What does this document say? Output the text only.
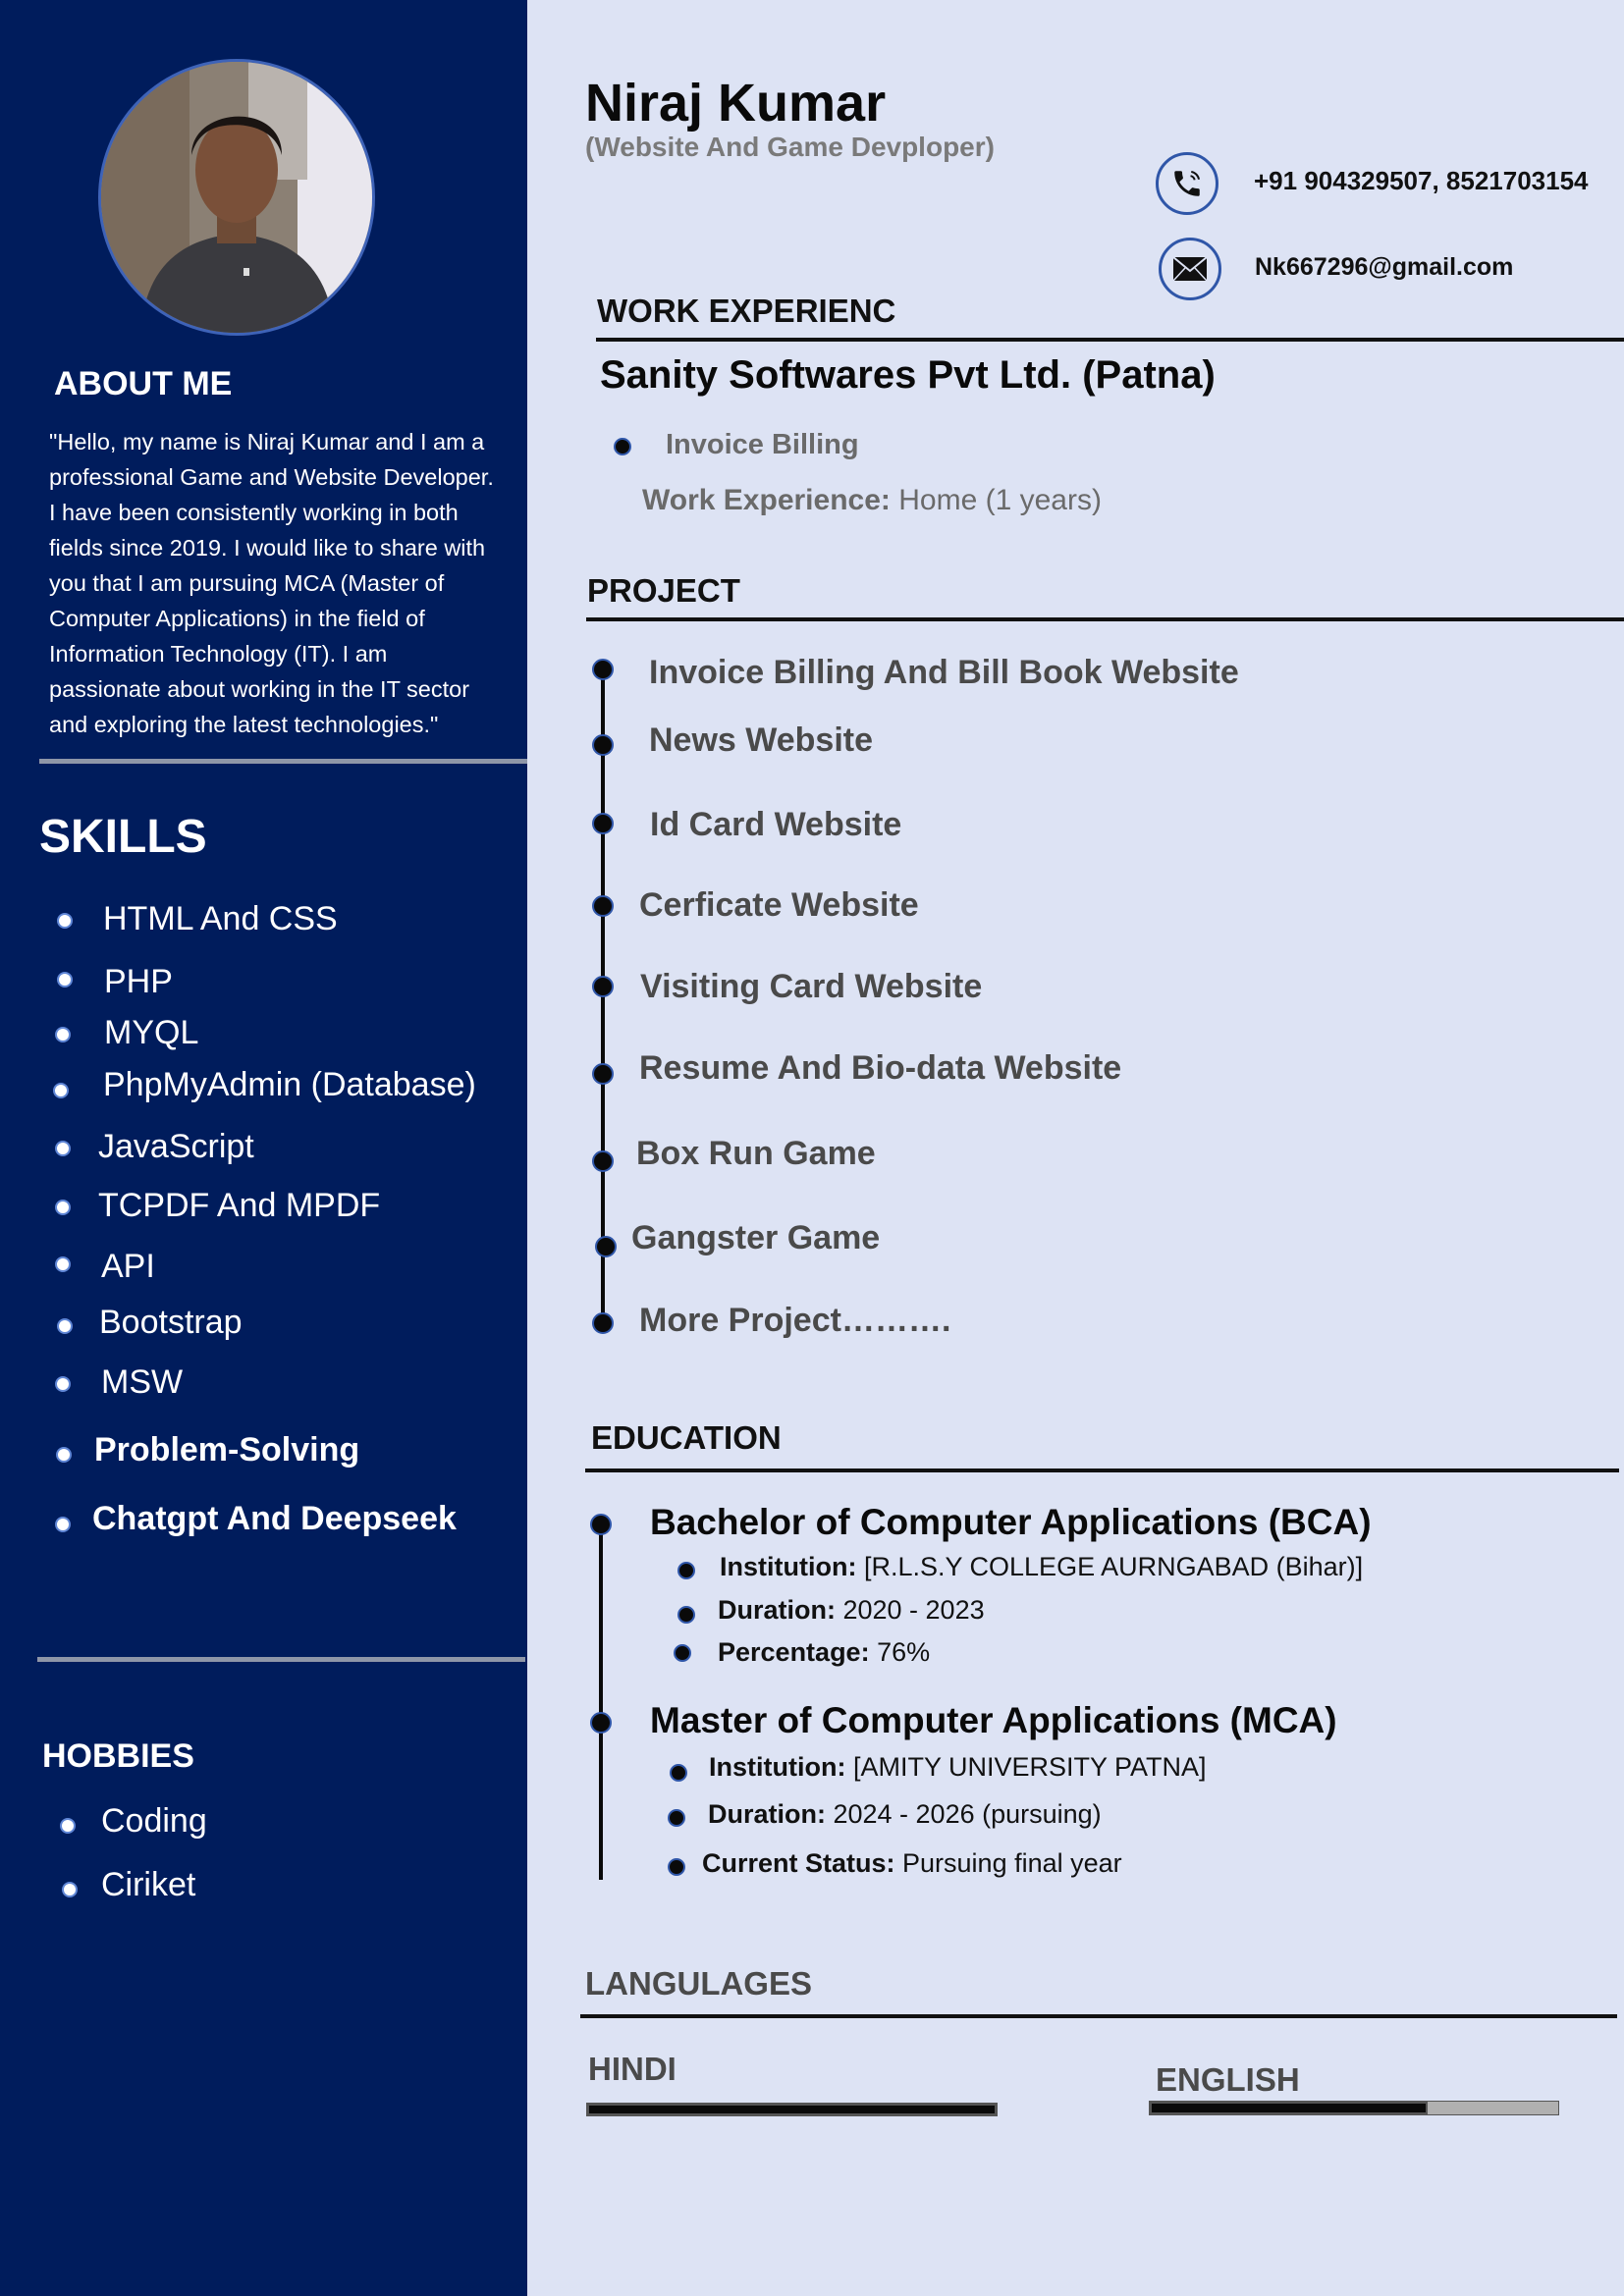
ABOUT ME
"Hello, my name is Niraj Kumar and I am a
professional Game and Website Developer.
I have been consistently working in both
fields since 2019. I would like to share with
you that I am pursuing MCA (Master of
Computer Applications) in the field of
Information Technology (IT). I am
passionate about working in the IT sector
and exploring the latest technologies."
SKILLS
HTML And CSS
PHP
MYQL
PhpMyAdmin (Database)
JavaScript
TCPDF And MPDF
API
Bootstrap
MSW
Problem-Solving
Chatgpt And Deepseek
HOBBIES
Coding
Ciriket
Niraj Kumar
(Website And Game Devploper)
+91 904329507, 8521703154
Nk667296@gmail.com
WORK EXPERIENC
Sanity Softwares Pvt Ltd. (Patna)
Invoice Billing
Work Experience: Home (1 years)
PROJECT
Invoice Billing And Bill Book Website
News Website
Id Card Website
Cerficate Website
Visiting Card Website
Resume And Bio-data Website
Box Run Game
Gangster Game
More Project……….
EDUCATION
Bachelor of Computer Applications (BCA)
Institution: [R.L.S.Y COLLEGE AURNGABAD (Bihar)]
Duration: 2020 - 2023
Percentage: 76%
Master of Computer Applications (MCA)
Institution: [AMITY UNIVERSITY PATNA]
Duration: 2024 - 2026 (pursuing)
Current Status: Pursuing final year
LANGULAGES
HINDI	ENGLISH
